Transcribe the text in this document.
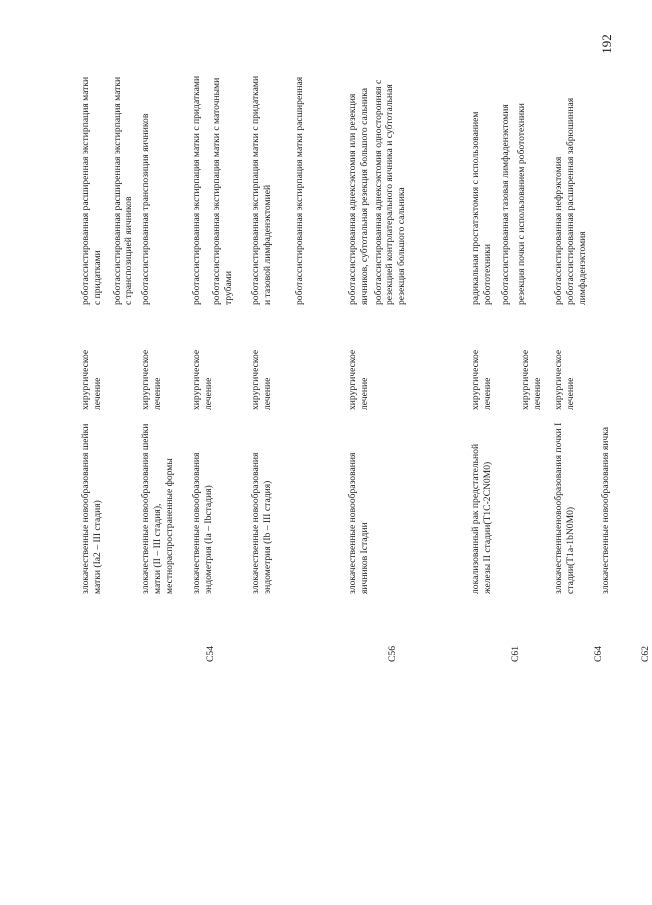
192
злокачественные новообразования шейки матки (Ia2 – III стадия)
хирургическое лечение
роботассистированная расширенная экстирпация матки с придатками роботассистированная расширенная экстирпация матки с транспозицией яичников
злокачественные новообразования шейки матки (II – III стадия), местнораспространенные формы
хирургическое лечение
роботассистированная транспозиция яичников
C54
злокачественные новообразования эндометрия (Ia – Ibстадия)
хирургическое лечение
роботассистированная экстирпация матки с придатками роботассистированная экстирпация матки с маточными трубами
злокачественные новообразования эндометрия (Ib – III стадия)
хирургическое лечение
роботассистированная экстирпация матки с придатками и тазовой лимфаденэктомией роботассистированная экстирпация матки расширенная
C56
злокачественные новообразования яичников Iстадии
хирургическое лечение
роботассистированная аднексэктомия или резекция яичников, субтотальная резекция большого сальника роботассистированная аднексэктомия односторонняя с резекцией контрлатерального яичника и субтотальная резекция большого сальника
C61
локализованный рак предстательной железы II стадии(T1C-2CN0M0)
хирургическое лечение
радикальная простатэктомия с использованием робототехники
хирургическое лечение
роботассистированная тазовая лимфаденэктомия резекция почки с использованием робототехники
C64
злокачественныеновообразования почки I стадии(T1a-1bN0M0)
хирургическое лечение
роботассистированная нефрэктомия роботассистированная расширенная забрюшинная лимфаденэктомия
C62
злокачественные новообразования яичка
